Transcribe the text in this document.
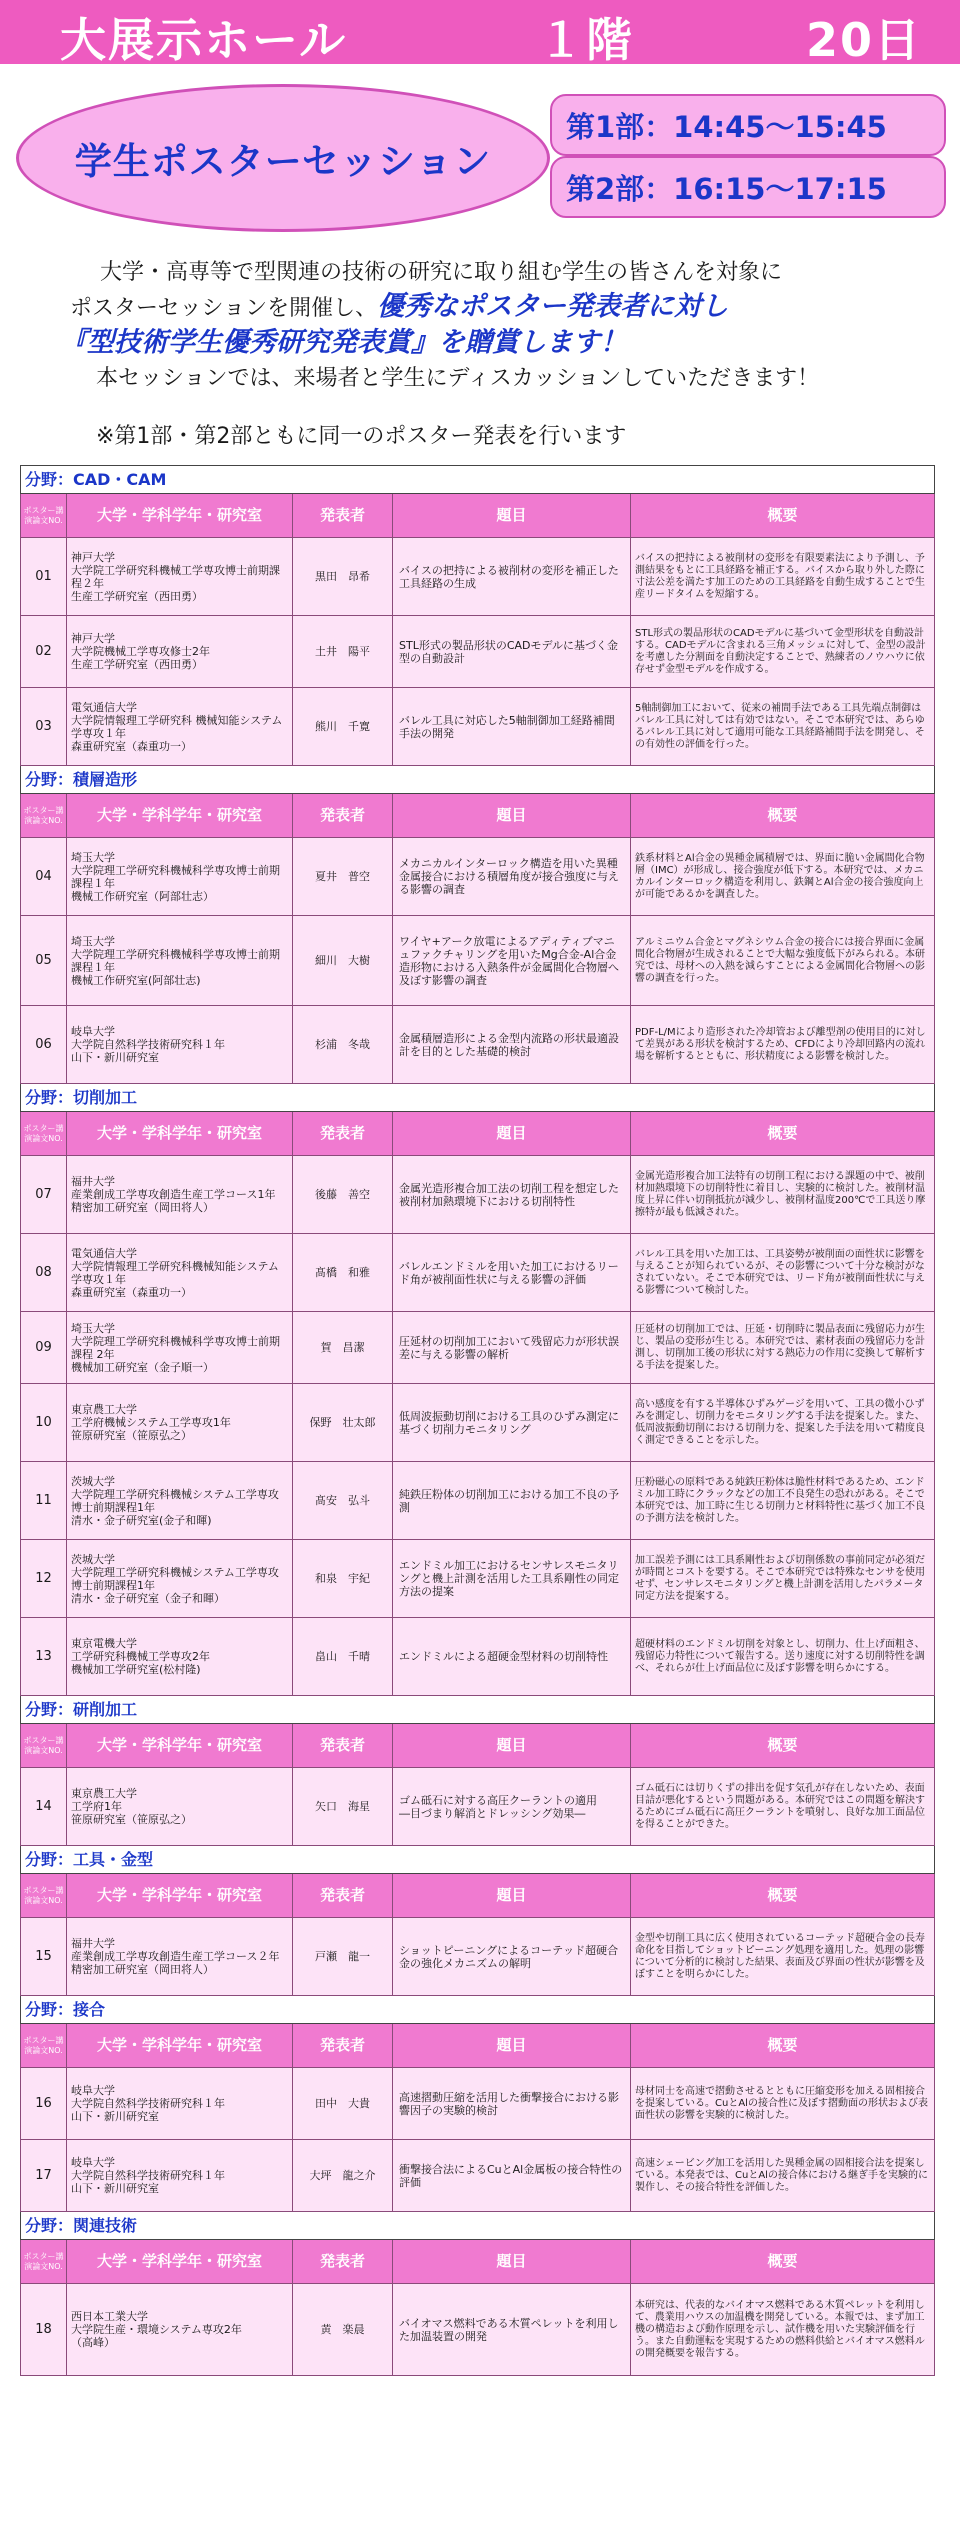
大展示ホール	１階	20日
学生ポスターセッション
第1部：14:45～15:45
第2部：16:15～17:15

大学・高専等で型関連の技術の研究に取り組む学生の皆さんを対象に

ポスターセッションを開催し、優秀なポスター発表者に対し

『型技術学生優秀研究発表賞』を贈賞します！

本セッションでは、来場者と学生にディスカッションしていただきます！

※第1部・第2部ともに同一のポスター発表を行います

分野：CAD・CAM				
ポスター講演論文NO.	大学・学科学年・研究室	発表者	題目	概要
01	神戸大学
大学院工学研究科機械工学専攻博士前期課程２年
生産工学研究室（西田勇）	黒田　昂希	バイスの把持による被削材の変形を補正した工具経路の生成	バイスの把持による被削材の変形を有限要素法により予測し、予測結果をもとに工具経路を補正する。バイスから取り外した際に寸法公差を満たす加工のための工具経路を自動生成することで生産リードタイムを短縮する。
02	神戸大学
大学院機械工学専攻修士2年
生産工学研究室（西田勇）	土井　陽平	STL形式の製品形状のCADモデルに基づく金型の自動設計	STL形式の製品形状のCADモデルに基づいて金型形状を自動設計する。CADモデルに含まれる三角メッシュに対して、金型の設計を考慮した分割面を自動決定することで、熟練者のノウハウに依存せず金型モデルを作成する。
03	電気通信大学
大学院情報理工学研究科 機械知能システム学専攻１年
森重研究室（森重功一）	熊川　千寛	バレル工具に対応した5軸制御加工経路補間手法の開発	5軸制御加工において、従来の補間手法である工具先端点制御はバレル工具に対しては有効ではない。そこで本研究では、あらゆるバレル工具に対して適用可能な工具経路補間手法を開発し、その有効性の評価を行った。
分野：積層造形				
ポスター講演論文NO.	大学・学科学年・研究室	発表者	題目	概要
04	埼玉大学
大学院理工学研究科機械科学専攻博士前期課程１年
機械工作研究室（阿部壮志）	夏井　普空	メカニカルインターロック構造を用いた異種金属接合における積層角度が接合強度に与える影響の調査	鉄系材料とAl合金の異種金属積層では、界面に脆い金属間化合物層（IMC）が形成し、接合強度が低下する。本研究では、メカニカルインターロック構造を利用し、鉄鋼とAl合金の接合強度向上が可能であるかを調査した。
05	埼玉大学
大学院理工学研究科機械科学専攻博士前期課程１年
機械工作研究室(阿部壮志)	細川　大樹	ワイヤ+アーク放電によるアディティブマニュファクチャリングを用いたMg合金-Al合金造形物における入熱条件が金属間化合物層へ及ぼす影響の調査	アルミニウム合金とマグネシウム合金の接合には接合界面に金属間化合物層が生成されることで大幅な強度低下がみられる。本研究では、母材への入熱を減らすことによる金属間化合物層への影響の調査を行った。
06	岐阜大学
大学院自然科学技術研究科１年
山下・新川研究室	杉浦　冬哉	金属積層造形による金型内流路の形状最適設計を目的とした基礎的検討	PDF-L/Mにより造形された冷却管および離型剤の使用目的に対して差異がある形状を検討するため、CFDにより冷却回路内の流れ場を解析するとともに、形状精度による影響を検討した。
分野：切削加工				
ポスター講演論文NO.	大学・学科学年・研究室	発表者	題目	概要
07	福井大学
産業創成工学専攻創造生産工学コース1年
精密加工研究室（岡田将人）	後藤　善空	金属光造形複合加工法の切削工程を想定した被削材加熱環境下における切削特性	金属光造形複合加工法特有の切削工程における課題の中で、被削材加熱環境下の切削特性に着目し、実験的に検討した。被削材温度上昇に伴い切削抵抗が減少し、被削材温度200℃で工具送り摩擦特が最も低減された。
08	電気通信大学
大学院情報理工学研究科機械知能システム学専攻１年
森重研究室（森重功一）	髙橋　和雅	バレルエンドミルを用いた加工におけるリード角が被削面性状に与える影響の評価	バレル工具を用いた加工は、工具姿勢が被削面の面性状に影響を与えることが知られているが、その影響について十分な検討がなされていない。そこで本研究では、リード角が被削面性状に与える影響について検討した。
09	埼玉大学
大学院理工学研究科機械科学専攻博士前期課程 2年
機械加工研究室（金子順一）	賀　昌潔	圧延材の切削加工において残留応力が形状誤差に与える影響の解析	圧延材の切削加工では、圧延・切削時に製品表面に残留応力が生じ、製品の変形が生じる。本研究では、素材表面の残留応力を計測し、切削加工後の形状に対する熱応力の作用に変換して解析する手法を提案した。
10	東京農工大学
工学府機械システム工学専攻1年
笹原研究室（笹原弘之）	保野　壮太郎	低周波振動切削における工具のひずみ測定に基づく切削力モニタリング	高い感度を有する半導体ひずみゲージを用いて、工具の微小ひずみを測定し、切削力をモニタリングする手法を提案した。また、低周波振動切削における切削力を、提案した手法を用いて精度良く測定できることを示した。
11	茨城大学
大学院理工学研究科機械システム工学専攻博士前期課程1年
清水・金子研究室(金子和暉)	髙安　弘斗	純鉄圧粉体の切削加工における加工不良の予測	圧粉磁心の原料である純鉄圧粉体は脆性材料であるため、エンドミル加工時にクラックなどの加工不良発生の恐れがある。そこで本研究では、加工時に生じる切削力と材料特性に基づく加工不良の予測方法を検討した。
12	茨城大学
大学院理工学研究科機械システム工学専攻博士前期課程1年
清水・金子研究室（金子和暉）	和泉　宇紀	エンドミル加工におけるセンサレスモニタリングと機上計測を活用した工具系剛性の同定方法の提案	加工誤差予測には工具系剛性および切削係数の事前同定が必須だが時間とコストを要する。そこで本研究では特殊なセンサを使用せず、センサレスモニタリングと機上計測を活用したパラメータ同定方法を提案する。
13	東京電機大学
工学研究科機械工学専攻2年
機械加工学研究室(松村隆)	畠山　千晴	エンドミルによる超硬金型材料の切削特性	超硬材料のエンドミル切削を対象とし、切削力、仕上げ面粗さ、残留応力特性について報告する。送り速度に対する切削特性を調べ、それらが仕上げ面品位に及ぼす影響を明らかにする。
分野：研削加工				
ポスター講演論文NO.	大学・学科学年・研究室	発表者	題目	概要
14	東京農工大学
工学府1年
笹原研究室（笹原弘之）	矢口　海星	ゴム砥石に対する高圧クーラントの適用
―目づまり解消とドレッシング効果―	ゴム砥石には切りくずの排出を促す気孔が存在しないため、表面目詰が悪化するという問題がある。本研究ではこの問題を解決するためにゴム砥石に高圧クーラントを噴射し、良好な加工面品位を得ることができた。
分野：工具・金型				
ポスター講演論文NO.	大学・学科学年・研究室	発表者	題目	概要
15	福井大学
産業創成工学専攻創造生産工学コース２年
精密加工研究室（岡田将人）	戸瀬　龍一	ショットピーニングによるコーテッド超硬合金の強化メカニズムの解明	金型や切削工具に広く使用されているコーテッド超硬合金の長寿命化を目指してショットピーニング処理を適用した。処理の影響について分析的に検討した結果、表面及び界面の性状が影響を及ぼすことを明らかにした。
分野：接合				
ポスター講演論文NO.	大学・学科学年・研究室	発表者	題目	概要
16	岐阜大学
大学院自然科学技術研究科１年
山下・新川研究室	田中　大貴	高速摺動圧縮を活用した衝撃接合における影響因子の実験的検討	母材同士を高速で摺動させるとともに圧縮変形を加える固相接合を提案している。CuとAlの接合性に及ぼす摺動面の形状および表面性状の影響を実験的に検討した。
17	岐阜大学
大学院自然科学技術研究科１年
山下・新川研究室	大坪　龍之介	衝撃接合法によるCuとAl金属板の接合特性の評価	高速シェービング加工を活用した異種金属の固相接合法を提案している。本発表では、CuとAlの接合体における継ぎ手を実験的に製作し、その接合特性を評価した。
分野：関連技術				
ポスター講演論文NO.	大学・学科学年・研究室	発表者	題目	概要
18	西日本工業大学
大学院生産・環境システム専攻2年
（高峰）	黄　楽晨	バイオマス燃料である木質ペレットを利用した加温装置の開発	本研究は、代表的なバイオマス燃料である木質ペレットを利用して、農業用ハウスの加温機を開発している。本報では、まず加工機の構造および動作原理を示し、試作機を用いた実験評価を行う。また自動運転を実現するための燃料供給とバイオマス燃料ルの開発概要を報告する。
